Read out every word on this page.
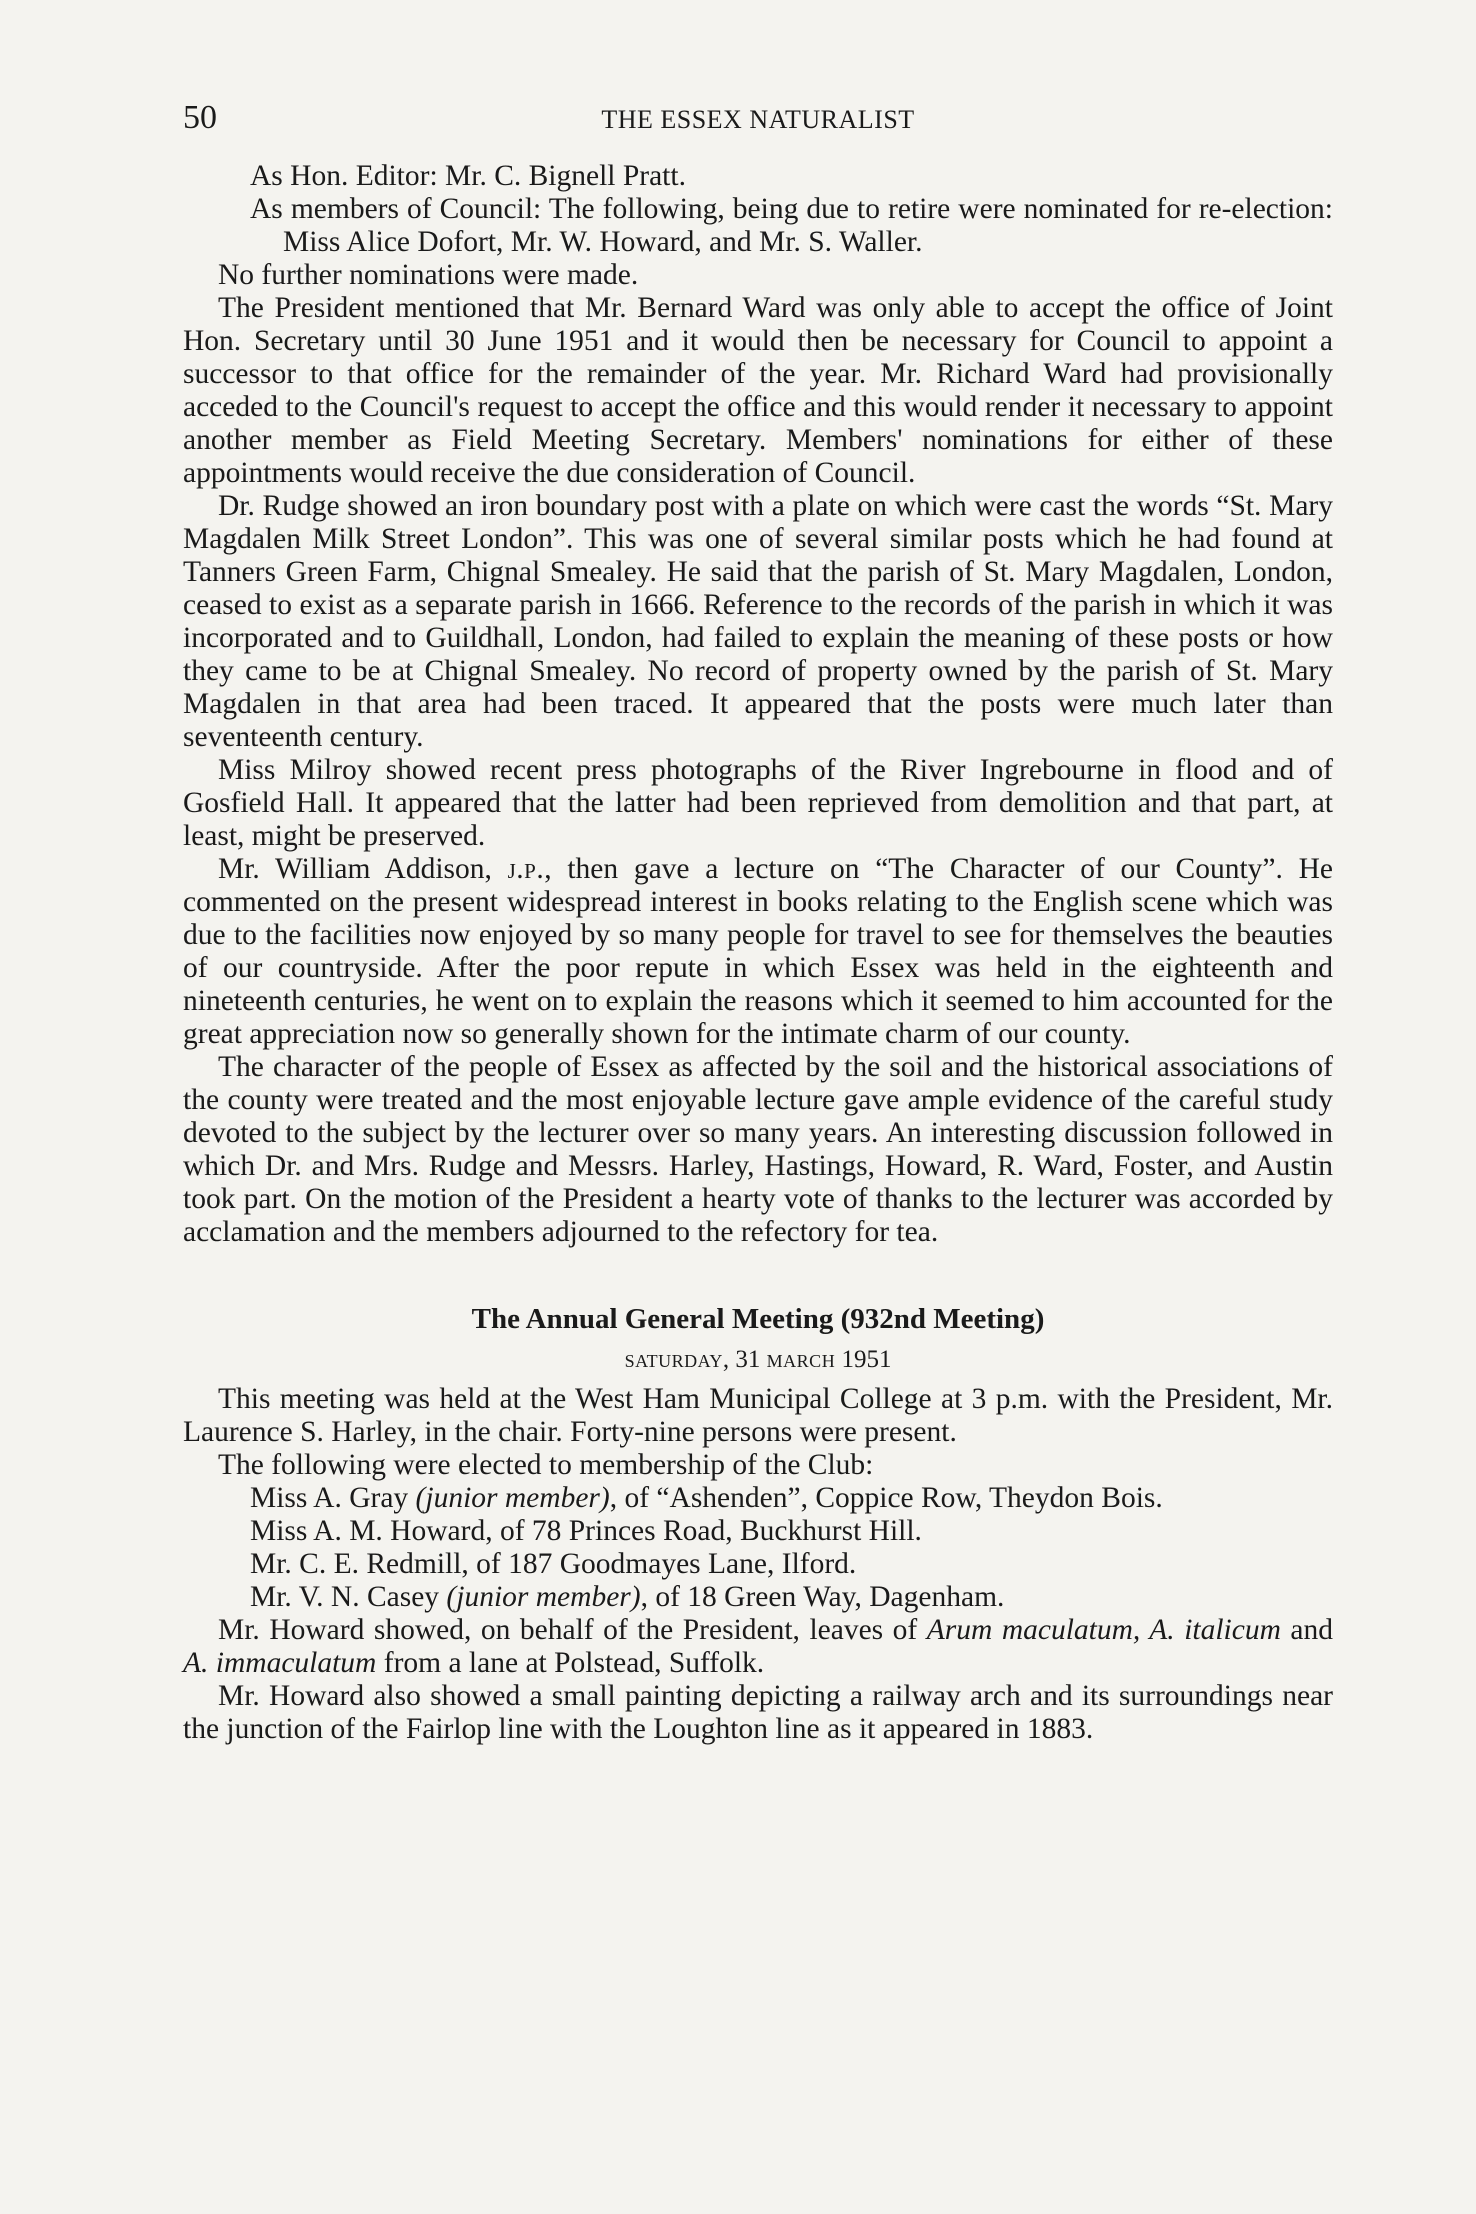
50	THE ESSEX NATURALIST

As Hon. Editor: Mr. C. Bignell Pratt.

As members of Council: The following, being due to retire were nominated for re-election: Miss Alice Dofort, Mr. W. Howard, and Mr. S. Waller.

No further nominations were made.

The President mentioned that Mr. Bernard Ward was only able to accept the office of Joint Hon. Secretary until 30 June 1951 and it would then be necessary for Council to appoint a successor to that office for the remainder of the year. Mr. Richard Ward had provisionally acceded to the Council's request to accept the office and this would render it necessary to appoint another member as Field Meeting Secretary. Members' nominations for either of these appointments would receive the due consideration of Council.

Dr. Rudge showed an iron boundary post with a plate on which were cast the words “St. Mary Magdalen Milk Street London”. This was one of several similar posts which he had found at Tanners Green Farm, Chignal Smealey. He said that the parish of St. Mary Magdalen, London, ceased to exist as a separate parish in 1666. Reference to the records of the parish in which it was incorporated and to Guildhall, London, had failed to explain the meaning of these posts or how they came to be at Chignal Smealey. No record of property owned by the parish of St. Mary Magdalen in that area had been traced. It appeared that the posts were much later than seventeenth century.

Miss Milroy showed recent press photographs of the River Ingrebourne in flood and of Gosfield Hall. It appeared that the latter had been reprieved from demolition and that part, at least, might be preserved.

Mr. William Addison, j.p., then gave a lecture on “The Character of our County”. He commented on the present widespread interest in books relating to the English scene which was due to the facilities now enjoyed by so many people for travel to see for themselves the beauties of our countryside. After the poor repute in which Essex was held in the eighteenth and nineteenth centuries, he went on to explain the reasons which it seemed to him accounted for the great appreciation now so generally shown for the intimate charm of our county.

The character of the people of Essex as affected by the soil and the historical associations of the county were treated and the most enjoyable lecture gave ample evidence of the careful study devoted to the subject by the lecturer over so many years. An interesting discussion followed in which Dr. and Mrs. Rudge and Messrs. Harley, Hastings, Howard, R. Ward, Foster, and Austin took part. On the motion of the President a hearty vote of thanks to the lecturer was accorded by acclamation and the members adjourned to the refectory for tea.

The Annual General Meeting (932nd Meeting)
saturday, 31 march 1951

This meeting was held at the West Ham Municipal College at 3 p.m. with the President, Mr. Laurence S. Harley, in the chair. Forty-nine persons were present.

The following were elected to membership of the Club:

Miss A. Gray (junior member), of “Ashenden”, Coppice Row, Theydon Bois.

Miss A. M. Howard, of 78 Princes Road, Buckhurst Hill.

Mr. C. E. Redmill, of 187 Goodmayes Lane, Ilford.

Mr. V. N. Casey (junior member), of 18 Green Way, Dagenham.

Mr. Howard showed, on behalf of the President, leaves of Arum maculatum, A. italicum and A. immaculatum from a lane at Polstead, Suffolk.

Mr. Howard also showed a small painting depicting a railway arch and its surroundings near the junction of the Fairlop line with the Loughton line as it appeared in 1883.
